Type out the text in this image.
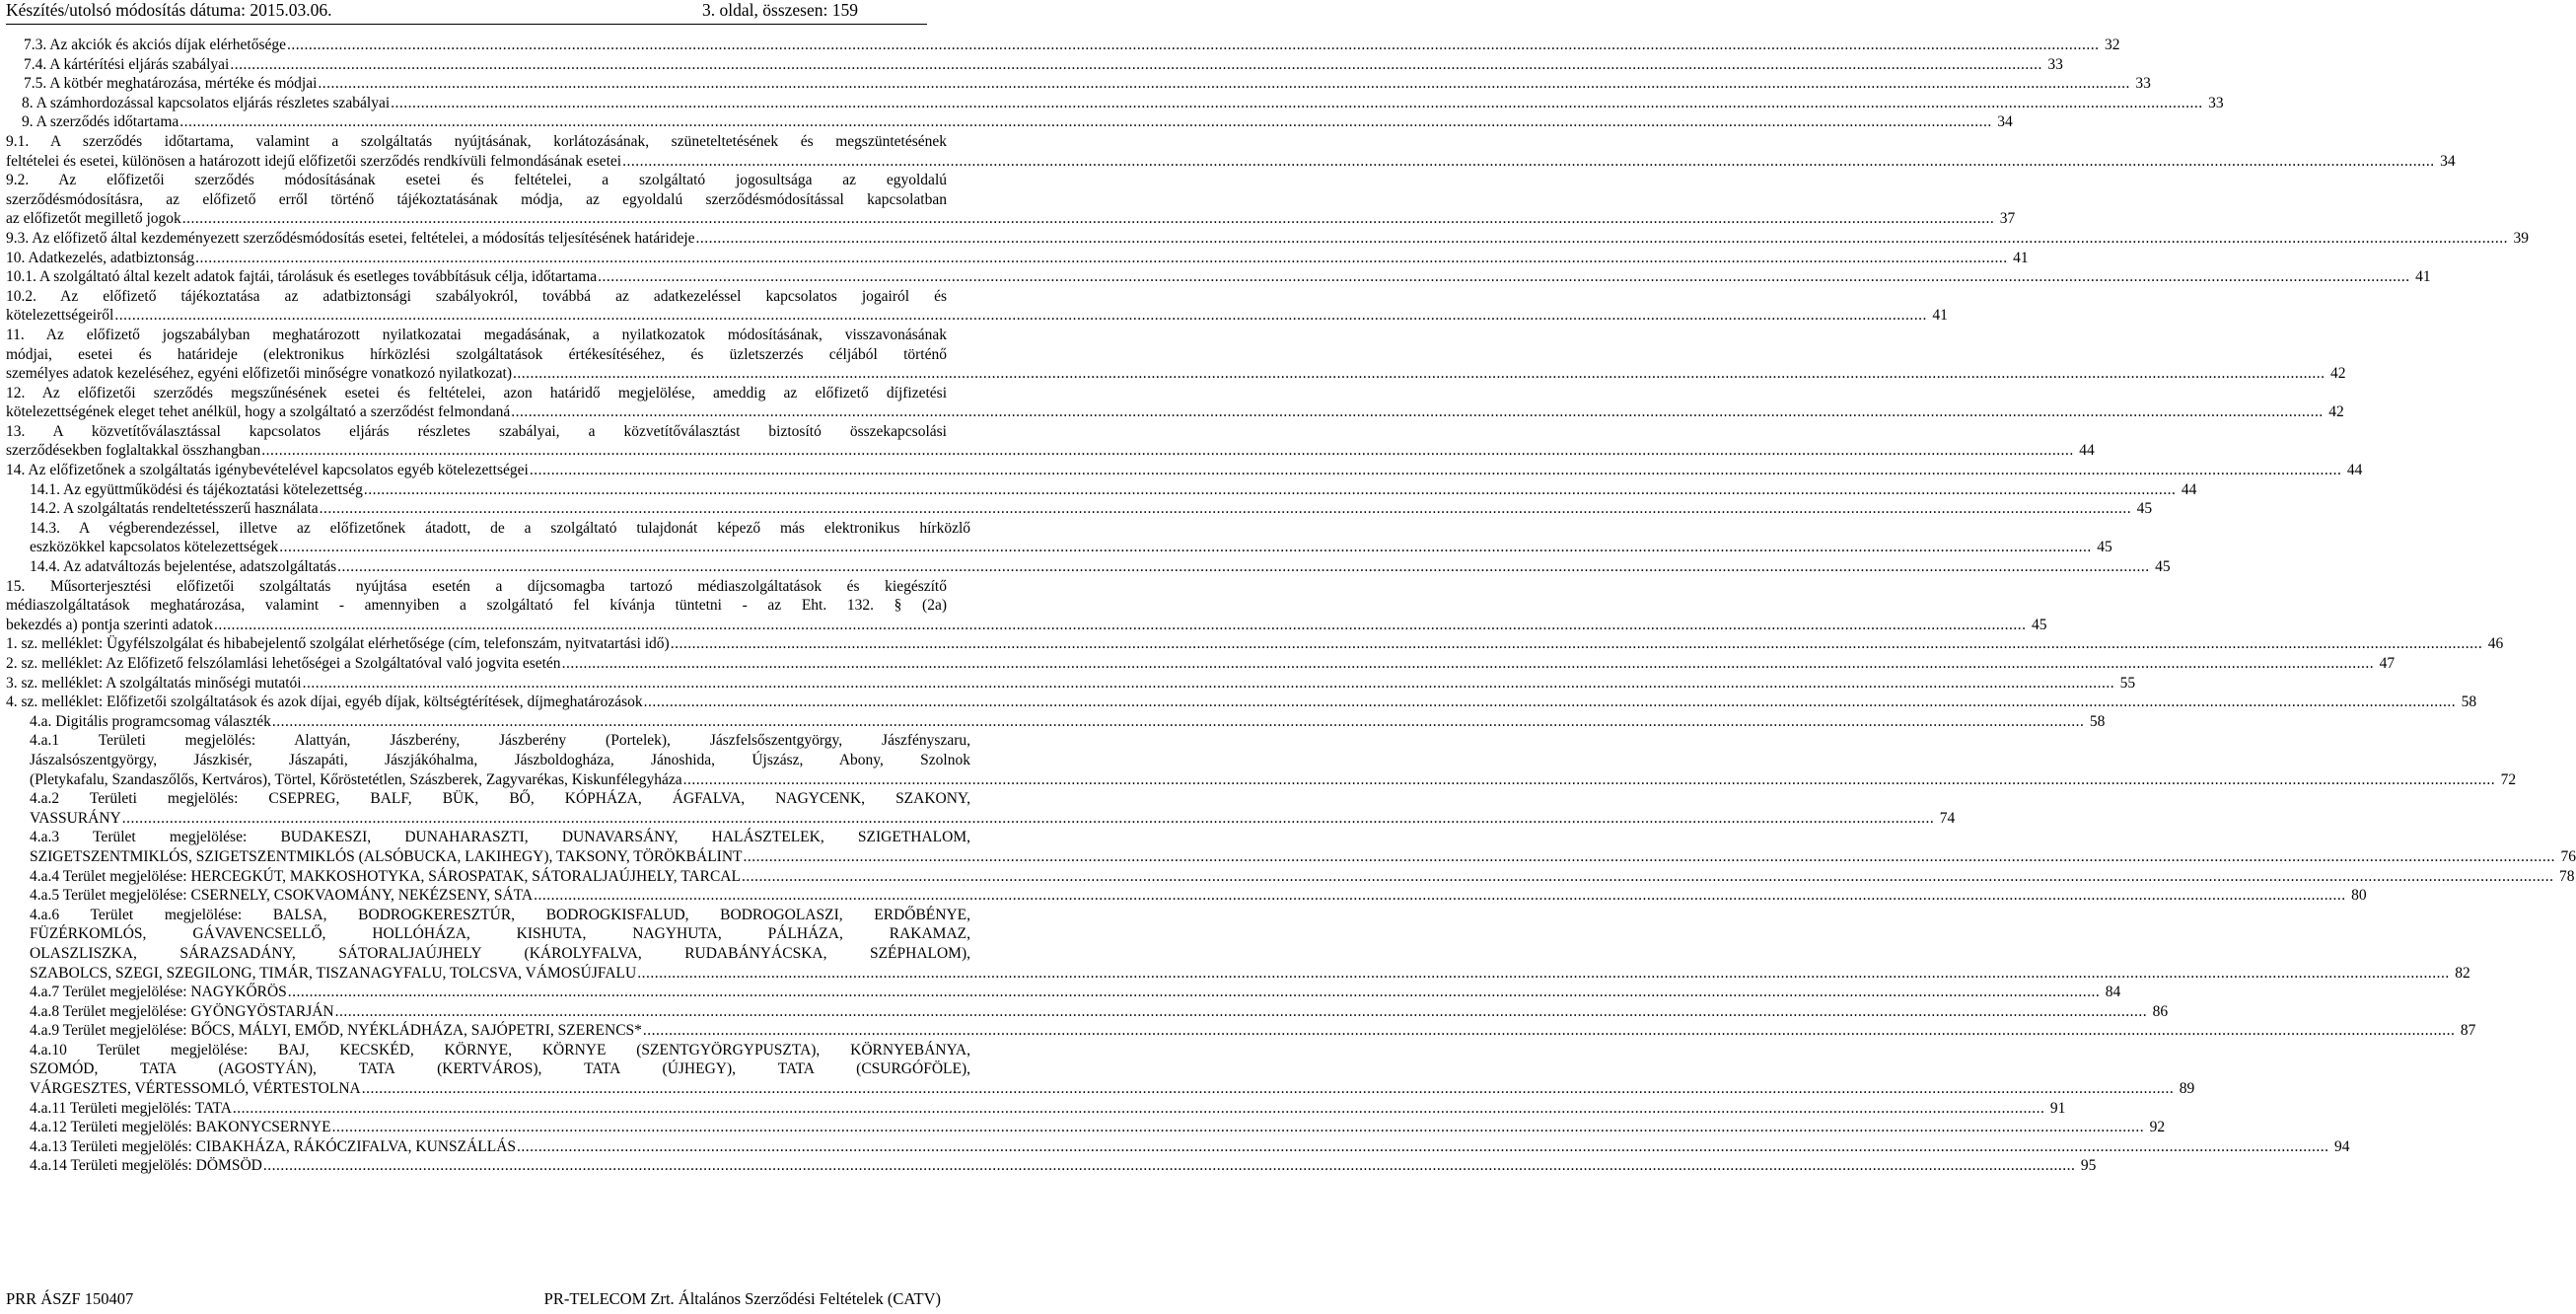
Készítés/utolsó módosítás dátuma: 2015.03.06.	3. oldal, összesen: 159
7.3. Az akciók és akciós díjak elérhetősége .....	32
7.4. A kártérítési eljárás szabályai .....	33
7.5. A kötbér meghatározása, mértéke és módjai .....	33
8. A számhordozással kapcsolatos eljárás részletes szabályai .....	33
9. A szerződés időtartama .....	34
9.1. A szerződés időtartama, valamint a szolgáltatás nyújtásának, korlátozásának, szüneteltetésének és megszüntetésének
feltételei és esetei, különösen a határozott idejű előfizetői szerződés rendkívüli felmondásának esetei .....	34
9.2. Az előfizetői szerződés módosításának esetei és feltételei, a szolgáltató jogosultsága az egyoldalú
szerződésmódosításra, az előfizető erről történő tájékoztatásának módja, az egyoldalú szerződésmódosítással kapcsolatban
az előfizetőt megillető jogok .....	37
9.3. Az előfizető által kezdeményezett szerződésmódosítás esetei, feltételei, a módosítás teljesítésének határideje .....	39
10. Adatkezelés, adatbiztonság .....	41
10.1. A szolgáltató által kezelt adatok fajtái, tárolásuk és esetleges továbbításuk célja, időtartama .....	41
10.2. Az előfizető tájékoztatása az adatbiztonsági szabályokról, továbbá az adatkezeléssel kapcsolatos jogairól és
kötelezettségeiről .....	41
11. Az előfizető jogszabályban meghatározott nyilatkozatai megadásának, a nyilatkozatok módosításának, visszavonásának
módjai, esetei és határideje (elektronikus hírközlési szolgáltatások értékesítéséhez, és üzletszerzés céljából történő
személyes adatok kezeléséhez, egyéni előfizetői minőségre vonatkozó nyilatkozat) .....	42
12. Az előfizetői szerződés megszűnésének esetei és feltételei, azon határidő megjelölése, ameddig az előfizető díjfizetési
kötelezettségének eleget tehet anélkül, hogy a szolgáltató a szerződést felmondaná .....	42
13. A közvetítőválasztással kapcsolatos eljárás részletes szabályai, a közvetítőválasztást biztosító összekapcsolási
szerződésekben foglaltakkal összhangban .....	44
14. Az előfizetőnek a szolgáltatás igénybevételével kapcsolatos egyéb kötelezettségei .....	44
14.1. Az együttműködési és tájékoztatási kötelezettség .....	44
14.2. A szolgáltatás rendeltetésszerű használata .....	45
14.3. A végberendezéssel, illetve az előfizetőnek átadott, de a szolgáltató tulajdonát képező más elektronikus hírközlő
eszközökkel kapcsolatos kötelezettségek .....	45
14.4. Az adatváltozás bejelentése, adatszolgáltatás .....	45
15. Műsorterjesztési előfizetői szolgáltatás nyújtása esetén a díjcsomagba tartozó médiaszolgáltatások és kiegészítő
médiaszolgáltatások meghatározása, valamint - amennyiben a szolgáltató fel kívánja tüntetni - az Eht. 132. § (2a)
bekezdés a) pontja szerinti adatok .....	45
1. sz. melléklet: Ügyfélszolgálat és hibabejelentő szolgálat elérhetősége (cím, telefonszám, nyitvatartási idő) .....	46
2. sz. melléklet: Az Előfizető felszólamlási lehetőségei a Szolgáltatóval való jogvita esetén .....	47
3. sz. melléklet: A szolgáltatás minőségi mutatói .....	55
4. sz. melléklet: Előfizetői szolgáltatások és azok díjai, egyéb díjak, költségtérítések, díjmeghatározások .....	58
4.a. Digitális programcsomag választék .....	58
4.a.1 Területi megjelölés: Alattyán, Jászberény, Jászberény (Portelek), Jászfelsőszentgyörgy, Jászfényszaru,
Jászalsószentgyörgy, Jászkisér, Jászapáti, Jászjákóhalma, Jászboldogháza, Jánoshida, Újszász, Abony, Szolnok
(Pletykafalu, Szandaszőlős, Kertváros), Törtel, Kőröstetétlen, Szászberek, Zagyvarékas, Kiskunfélegyháza .....	72
4.a.2 Területi megjelölés: CSEPREG, BALF, BÜK, BŐ, KÓPHÁZA, ÁGFALVA, NAGYCENK, SZAKONY,
VASSURÁNY .....	74
4.a.3 Terület megjelölése: BUDAKESZI, DUNAHARASZTI, DUNAVARSÁNY, HALÁSZTELEK, SZIGETHALOM,
SZIGETSZENTMIKLÓS, SZIGETSZENTMIKLÓS (ALSÓBUCKA, LAKIHEGY), TAKSONY, TÖRÖKBÁLINT .....	76
4.a.4 Terület megjelölése: HERCEGKÚT, MAKKOSHOTYKA, SÁROSPATAK, SÁTORALJAÚJHELY, TARCAL .....	78
4.a.5 Terület megjelölése: CSERNELY, CSOKVAOMÁNY, NEKÉZSENY, SÁTA .....	80
4.a.6 Terület megjelölése: BALSA, BODROGKERESZTÚR, BODROGKISFALUD, BODROGOLASZI, ERDŐBÉNYE,
FÜZÉRKOMLÓS, GÁVAVENCSELLŐ, HOLLÓHÁZA, KISHUTA, NAGYHUTA, PÁLHÁZA, RAKAMAZ,
OLASZLISZKA, SÁRAZSADÁNY, SÁTORALJAÚJHELY (KÁROLYFALVA, RUDABÁNYÁCSKA, SZÉPHALOM),
SZABOLCS, SZEGI, SZEGILONG, TIMÁR, TISZANAGYFALU, TOLCSVA, VÁMOSÚJFALU .....	82
4.a.7 Terület megjelölése: NAGYKŐRÖS .....	84
4.a.8 Terület megjelölése: GYÖNGYÖSTARJÁN .....	86
4.a.9 Terület megjelölése: BŐCS, MÁLYI, EMŐD, NYÉKLÁDHÁZA, SAJÓPETRI, SZERENCS* .....	87
4.a.10 Terület megjelölése: BAJ, KECSKÉD, KÖRNYE, KÖRNYE (SZENTGYÖRGYPUSZTA), KÖRNYEBÁNYA,
SZOMÓD, TATA (AGOSTYÁN), TATA (KERTVÁROS), TATA (ÚJHEGY), TATA (CSURGÓFÖLE),
VÁRGESZTES, VÉRTESSOMLÓ, VÉRTESTOLNA .....	89
4.a.11 Területi megjelölés: TATA .....	91
4.a.12 Területi megjelölés: BAKONYCSERNYE .....	92
4.a.13 Területi megjelölés: CIBAKHÁZA, RÁKÓCZIFALVA, KUNSZÁLLÁS .....	94
4.a.14 Területi megjelölés: DÖMSÖD .....	95
PRR ÁSZF 150407	PR-TELECOM Zrt. Általános Szerződési Feltételek (CATV)
